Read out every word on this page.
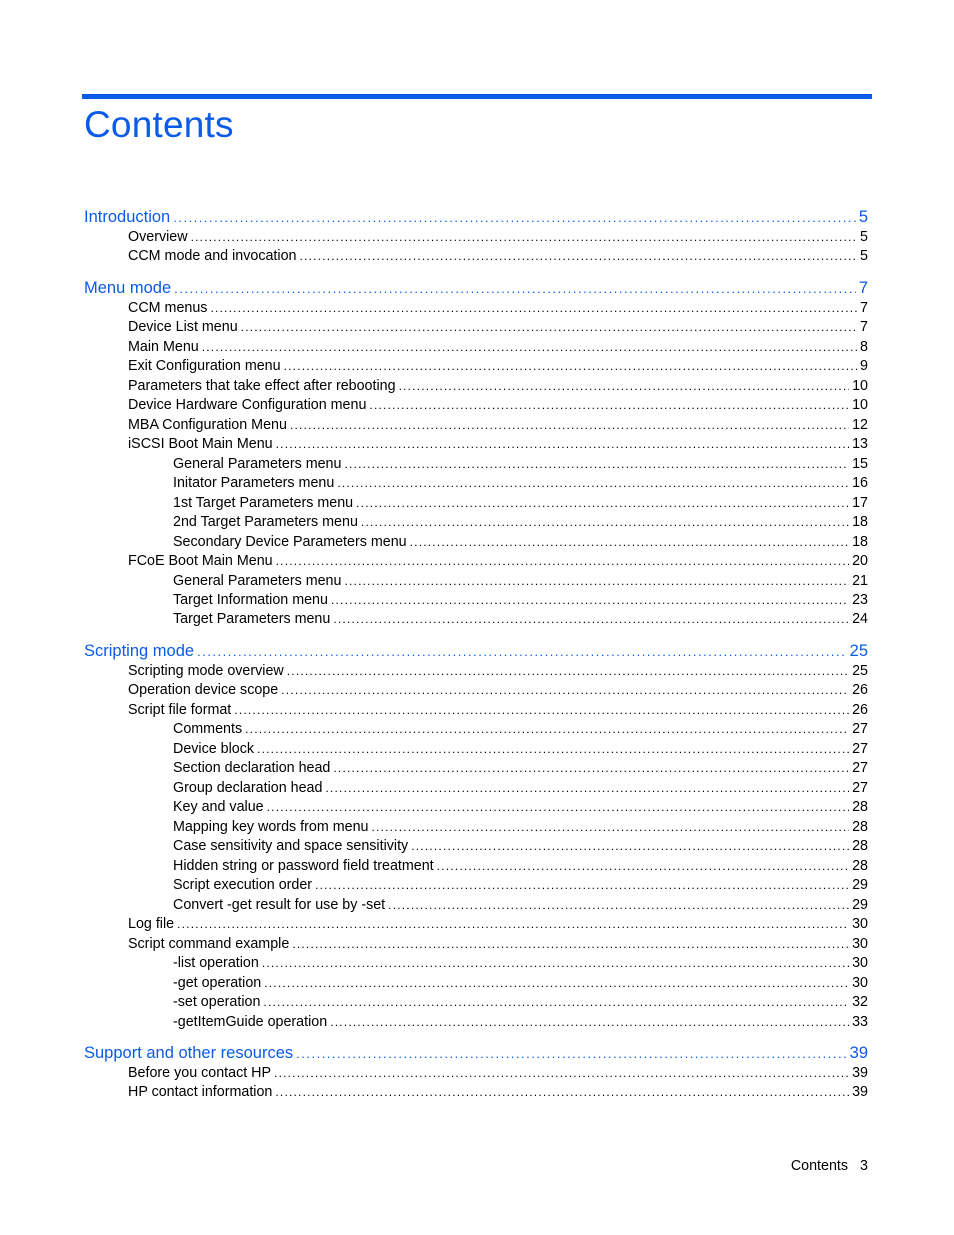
Contents
Introduction .....	5
Overview .....	5
CCM mode and invocation .....	5
Menu mode .....	7
CCM menus .....	7
Device List menu .....	7
Main Menu .....	8
Exit Configuration menu .....	9
Parameters that take effect after rebooting .....	10
Device Hardware Configuration menu .....	10
MBA Configuration Menu .....	12
iSCSI Boot Main Menu .....	13
General Parameters menu .....	15
Initator Parameters menu .....	16
1st Target Parameters menu .....	17
2nd Target Parameters menu .....	18
Secondary Device Parameters menu .....	18
FCoE Boot Main Menu .....	20
General Parameters menu .....	21
Target Information menu .....	23
Target Parameters menu .....	24
Scripting mode .....	25
Scripting mode overview .....	25
Operation device scope .....	26
Script file format .....	26
Comments .....	27
Device block .....	27
Section declaration head .....	27
Group declaration head .....	27
Key and value .....	28
Mapping key words from menu .....	28
Case sensitivity and space sensitivity .....	28
Hidden string or password field treatment .....	28
Script execution order .....	29
Convert -get result for use by -set .....	29
Log file .....	30
Script command example .....	30
-list operation .....	30
-get operation .....	30
-set operation .....	32
-getItemGuide operation .....	33
Support and other resources .....	39
Before you contact HP .....	39
HP contact information .....	39
Contents 3
